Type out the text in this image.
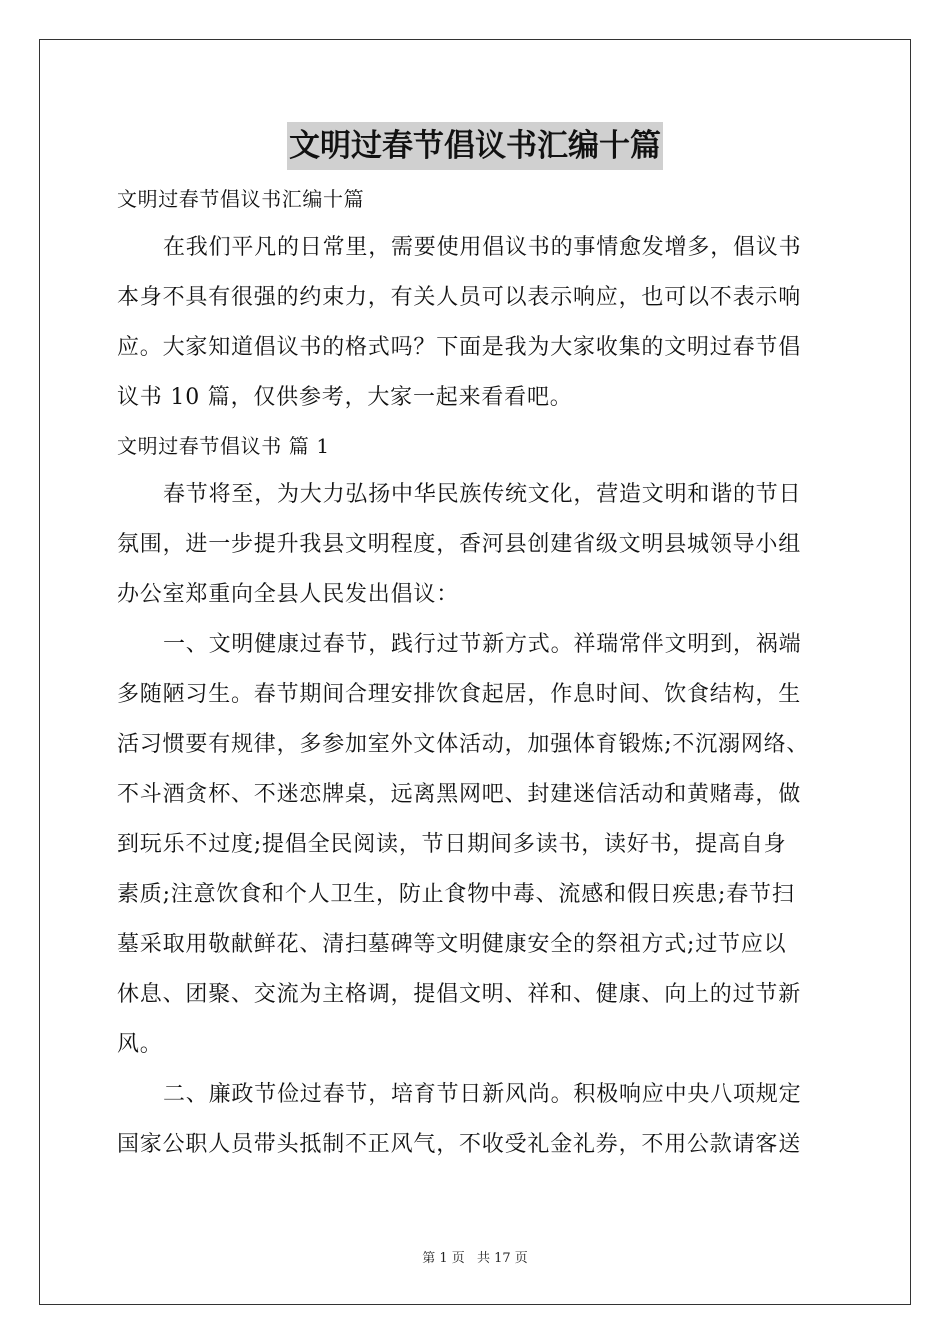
文明过春节倡议书汇编十篇
文明过春节倡议书汇编十篇
在我们平凡的日常里，需要使用倡议书的事情愈发增多，倡议书
本身不具有很强的约束力，有关人员可以表示响应，也可以不表示响
应。大家知道倡议书的格式吗？下面是我为大家收集的文明过春节倡
议书 10 篇，仅供参考，大家一起来看看吧。
文明过春节倡议书 篇 1
春节将至，为大力弘扬中华民族传统文化，营造文明和谐的节日
氛围，进一步提升我县文明程度，香河县创建省级文明县城领导小组
办公室郑重向全县人民发出倡议：
一、文明健康过春节，践行过节新方式。祥瑞常伴文明到，祸端
多随陋习生。春节期间合理安排饮食起居，作息时间、饮食结构，生
活习惯要有规律，多参加室外文体活动，加强体育锻炼;不沉溺网络、
不斗酒贪杯、不迷恋牌桌，远离黑网吧、封建迷信活动和黄赌毒，做
到玩乐不过度;提倡全民阅读，节日期间多读书，读好书，提高自身
素质;注意饮食和个人卫生，防止食物中毒、流感和假日疾患;春节扫
墓采取用敬献鲜花、清扫墓碑等文明健康安全的祭祖方式;过节应以
休息、团聚、交流为主格调，提倡文明、祥和、健康、向上的过节新
风。
二、廉政节俭过春节，培育节日新风尚。积极响应中央八项规定
国家公职人员带头抵制不正风气，不收受礼金礼券，不用公款请客送
第 1 页 共 17 页
